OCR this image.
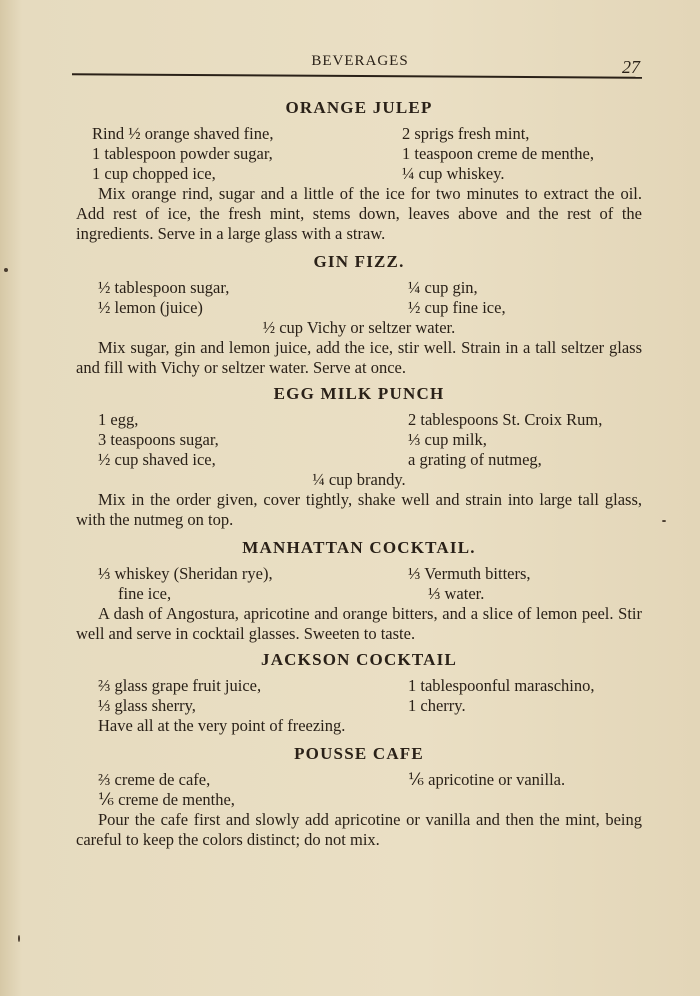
BEVERAGES	27
ORANGE JULEP
Rind ½ orange shaved fine,	2 sprigs fresh mint,
1 tablespoon powder sugar,	1 teaspoon creme de menthe,
1 cup chopped ice,	¼ cup whiskey.

Mix orange rind, sugar and a little of the ice for two minutes to extract the oil. Add rest of ice, the fresh mint, stems down, leaves above and the rest of the ingredients. Serve in a large glass with a straw.

GIN FIZZ.
½ tablespoon sugar,	¼ cup gin,
½ lemon (juice)	½ cup fine ice,
½ cup Vichy or seltzer water.

Mix sugar, gin and lemon juice, add the ice, stir well. Strain in a tall seltzer glass and fill with Vichy or seltzer water. Serve at once.

EGG MILK PUNCH
1 egg,	2 tablespoons St. Croix Rum,
3 teaspoons sugar,	⅓ cup milk,
½ cup shaved ice,	a grating of nutmeg,
¼ cup brandy.

Mix in the order given, cover tightly, shake well and strain into large tall glass, with the nutmeg on top.

MANHATTAN COCKTAIL.
⅓ whiskey (Sheridan rye),	⅓ Vermuth bitters,
fine ice,	⅓ water.

A dash of Angostura, apricotine and orange bitters, and a slice of lemon peel. Stir well and serve in cocktail glasses. Sweeten to taste.

JACKSON COCKTAIL
⅔ glass grape fruit juice,	1 tablespoonful maraschino,
⅓ glass sherry,	1 cherry.

Have all at the very point of freezing.

POUSSE CAFE
⅔ creme de cafe,	⅙ apricotine or vanilla.
⅙ creme de menthe,

Pour the cafe first and slowly add apricotine or vanilla and then the mint, being careful to keep the colors distinct; do not mix.
